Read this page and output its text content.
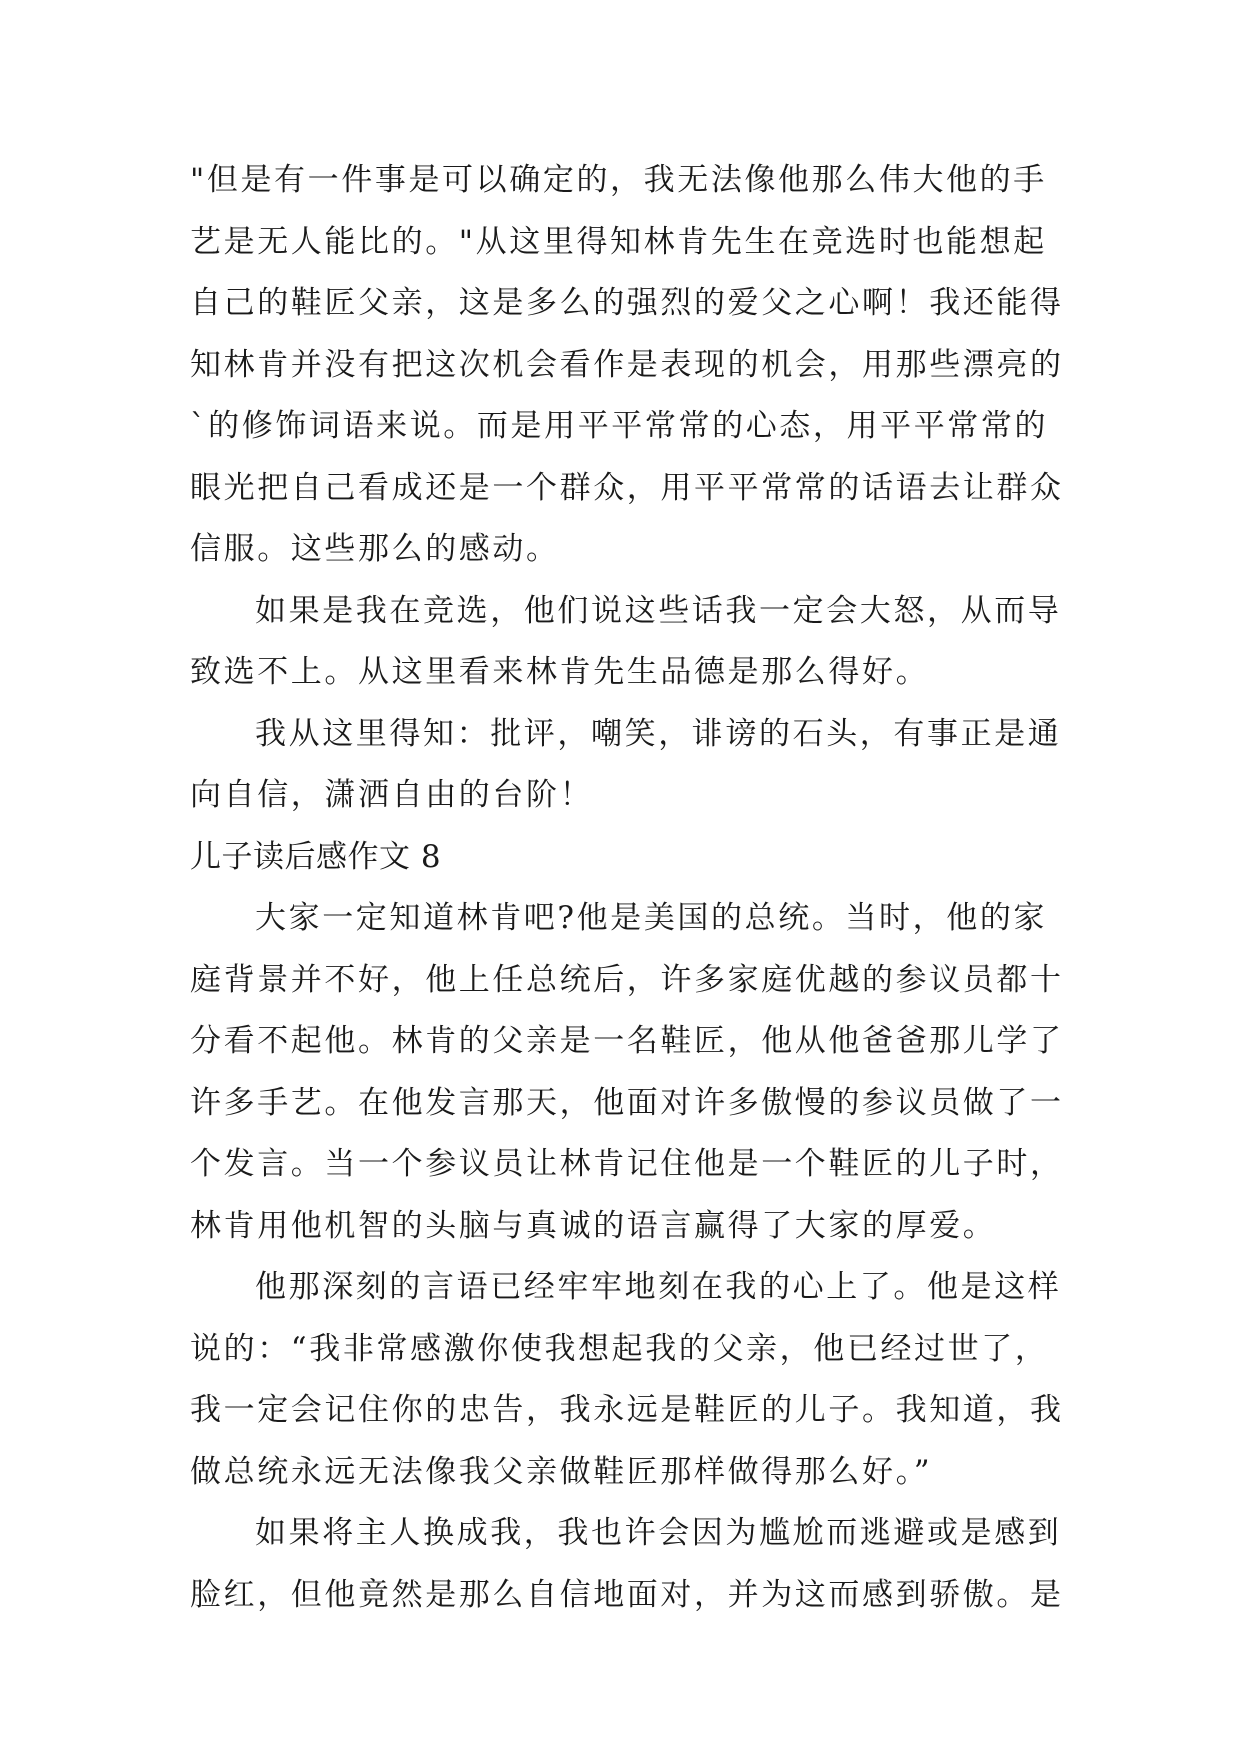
"但是有一件事是可以确定的，我无法像他那么伟大他的手
艺是无人能比的。"从这里得知林肯先生在竞选时也能想起
自己的鞋匠父亲，这是多么的强烈的爱父之心啊！我还能得
知林肯并没有把这次机会看作是表现的机会，用那些漂亮的
`的修饰词语来说。而是用平平常常的心态，用平平常常的
眼光把自己看成还是一个群众，用平平常常的话语去让群众
信服。这些那么的感动。
如果是我在竞选，他们说这些话我一定会大怒，从而导
致选不上。从这里看来林肯先生品德是那么得好。
我从这里得知：批评，嘲笑，诽谤的石头，有事正是通
向自信，潇洒自由的台阶！
儿子读后感作文 8
大家一定知道林肯吧?他是美国的总统。当时，他的家
庭背景并不好，他上任总统后，许多家庭优越的参议员都十
分看不起他。林肯的父亲是一名鞋匠，他从他爸爸那儿学了
许多手艺。在他发言那天，他面对许多傲慢的参议员做了一
个发言。当一个参议员让林肯记住他是一个鞋匠的儿子时，
林肯用他机智的头脑与真诚的语言赢得了大家的厚爱。
他那深刻的言语已经牢牢地刻在我的心上了。他是这样
说的：“我非常感激你使我想起我的父亲，他已经过世了，
我一定会记住你的忠告，我永远是鞋匠的儿子。我知道，我
做总统永远无法像我父亲做鞋匠那样做得那么好。”
如果将主人换成我，我也许会因为尴尬而逃避或是感到
脸红，但他竟然是那么自信地面对，并为这而感到骄傲。是
